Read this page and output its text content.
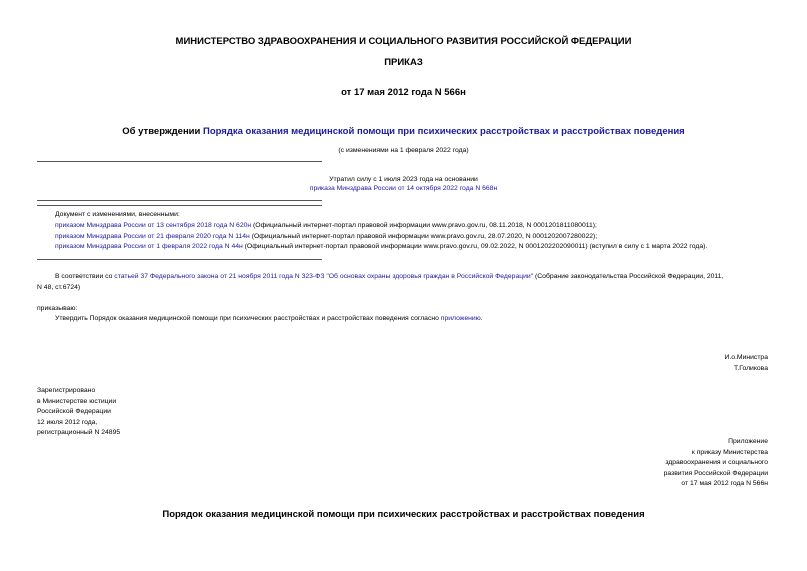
МИНИСТЕРСТВО ЗДРАВООХРАНЕНИЯ И СОЦИАЛЬНОГО РАЗВИТИЯ РОССИЙСКОЙ ФЕДЕРАЦИИ
ПРИКАЗ
от 17 мая 2012 года N 566н
Об утверждении Порядка оказания медицинской помощи при психических расстройствах и расстройствах поведения
(с изменениями на 1 февраля 2022 года)
Утратил силу с 1 июля 2023 года на основании
приказа Минздрава России от 14 октября 2022 года N 668н
Документ с изменениями, внесенными:
приказом Минздрава России от 13 сентября 2018 года N 620н (Официальный интернет-портал правовой информации www.pravo.gov.ru, 08.11.2018, N 0001201811080011);
приказом Минздрава России от 21 февраля 2020 года N 114н (Официальный интернет-портал правовой информации www.pravo.gov.ru, 28.07.2020, N 0001202007280022);
приказом Минздрава России от 1 февраля 2022 года N 44н (Официальный интернет-портал правовой информации www.pravo.gov.ru, 09.02.2022, N 0001202202090011) (вступил в силу с 1 марта 2022 года).
В соответствии со статьей 37 Федерального закона от 21 ноября 2011 года N 323-ФЗ "Об основах охраны здоровья граждан в Российской Федерации" (Собрание законодательства Российской Федерации, 2011,
N 48, ст.6724)
приказываю:
Утвердить Порядок оказания медицинской помощи при психических расстройствах и расстройствах поведения согласно приложению.
И.о.Министра
Т.Голикова
Зарегистрировано
в Министерстве юстиции
Российской Федерации
12 июля 2012 года,
регистрационный N 24895
Приложение
к приказу Министерства
здравоохранения и социального
развития Российской Федерации
от 17 мая 2012 года N 566н
Порядок оказания медицинской помощи при психических расстройствах и расстройствах поведения
